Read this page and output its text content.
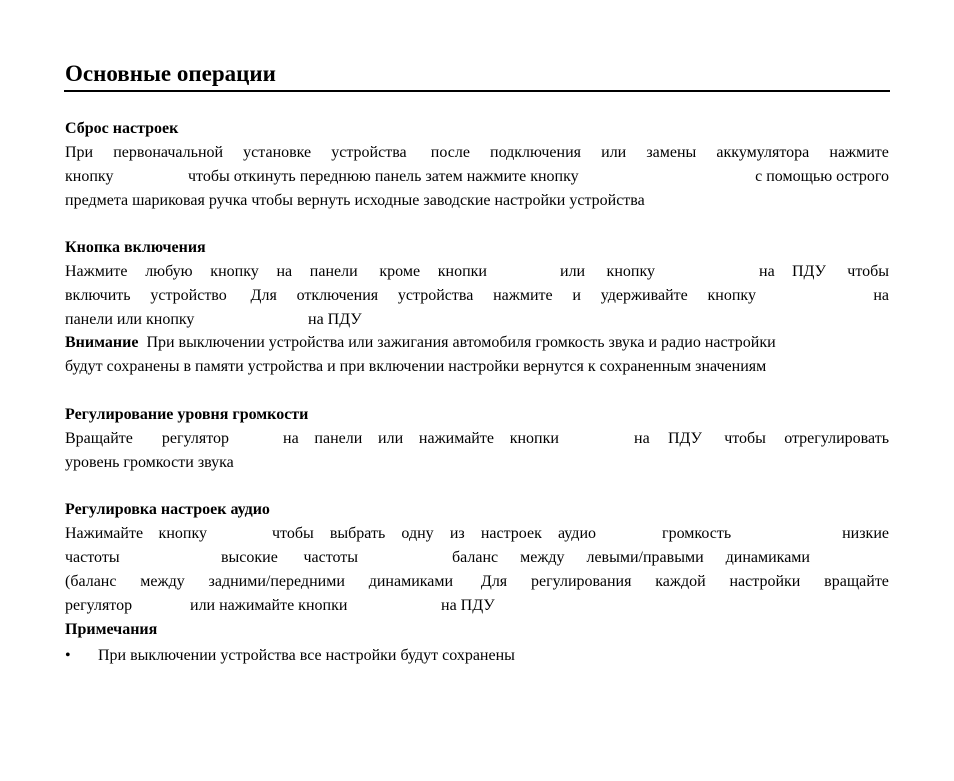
Основные операции
Сброс настроек
При первоначальной установке устройства после подключения или замены аккумулятора нажмите
кнопку	чтобы откинуть переднюю панель затем нажмите кнопку	с помощью острого
предмета шариковая ручка чтобы вернуть исходные заводские настройки устройства
Кнопка включения
Нажмите любую кнопку на панели кроме кнопки	или кнопку	на ПДУ чтобы
включить устройство Для отключения устройства нажмите и удерживайте кнопку	на
панели или кнопку	на ПДУ
Внимание При выключении устройства или зажигания автомобиля громкость звука и радио настройки
будут сохранены в памяти устройства и при включении настройки вернутся к сохраненным значениям
Регулирование уровня громкости
Вращайте регулятор	на панели или нажимайте кнопки	на ПДУ чтобы отрегулировать
уровень громкости звука
Регулировка настроек аудио
Нажимайте кнопку	чтобы выбрать одну из настроек аудио	громкость	низкие
частоты	высокие частоты	баланс между левыми/правыми динамиками
(баланс между задними/передними динамиками Для регулирования каждой настройки вращайте
регулятор	или нажимайте кнопки	на ПДУ
Примечания
• При выключении устройства все настройки будут сохранены
